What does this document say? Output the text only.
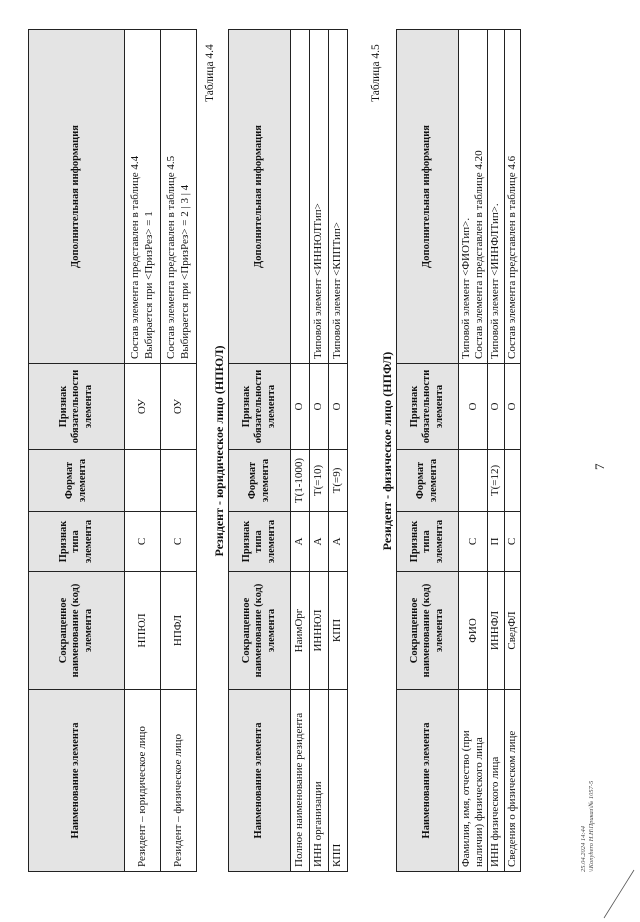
7
Наименование элемента	Сокращенное наименование (код) элемента	Признак типа элемента	Формат элемента	Признак обязательности элемента	Дополнительная информация
Резидент – юридическое лицо	НПЮЛ	С		ОУ	Состав элемента представлен в таблице 4.4
Выбирается при <ПризРез> = 1
Резидент – физическое лицо	НПФЛ	С		ОУ	Состав элемента представлен в таблице 4.5
Выбирается при <ПризРез> = 2 | 3 | 4
Таблица 4.4
Резидент - юридическое лицо (НПЮЛ)
Наименование элемента	Сокращенное наименование (код) элемента	Признак типа элемента	Формат элемента	Признак обязательности элемента	Дополнительная информация
Полное наименование резидента	НаимОрг	А	T(1-1000)	О	
ИНН организации	ИННЮЛ	А	T(=10)	О	Типовой элемент <ИННЮЛТип>
КПП	КПП	А	T(=9)	О	Типовой элемент <КППТип>
Таблица 4.5
Резидент - физическое лицо (НПФЛ)
Наименование элемента	Сокращенное наименование (код) элемента	Признак типа элемента	Формат элемента	Признак обязательности элемента	Дополнительная информация
Фамилия, имя, отчество (при наличии) физического лица	ФИО	С		О	Типовой элемент <ФИОТип>.
Состав элемента представлен в таблице 4.20
ИНН физического лица	ИННФЛ	П	T(=12)	О	Типовой элемент <ИННФЛТип>.
Сведения о физическом лице	СведФЛ	С		О	Состав элемента представлен в таблице 4.6
25.04.2024 14:44 \\Konyhero H.H\Приказ\№ 1057-5
